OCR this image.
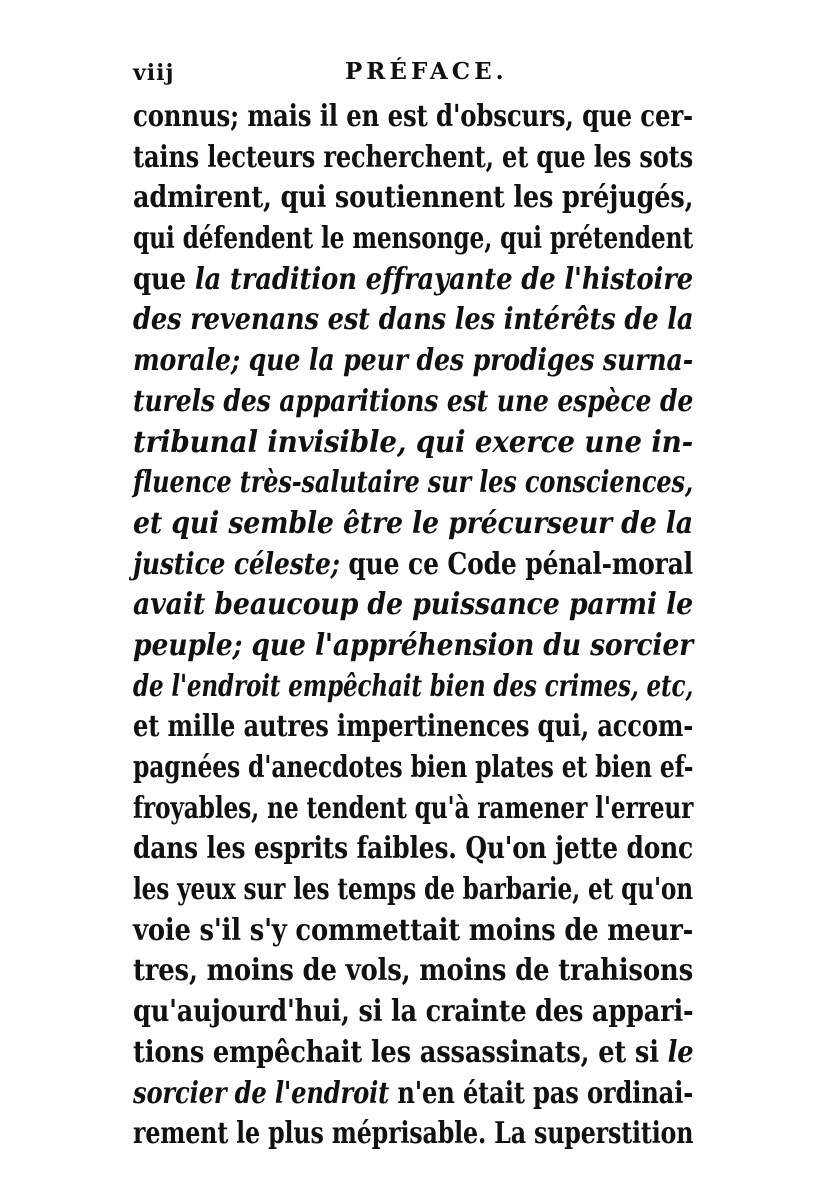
viij	PRÉFACE.
connus; mais il en est d'obscurs, que cer-
tains lecteurs recherchent, et que les sots
admirent, qui soutiennent les préjugés,
qui défendent le mensonge, qui prétendent
que la tradition effrayante de l'histoire
des revenans est dans les intérêts de la
morale; que la peur des prodiges surna-
turels des apparitions est une espèce de
tribunal invisible, qui exerce une in-
fluence très-salutaire sur les consciences,
et qui semble être le précurseur de la
justice céleste; que ce Code pénal-moral
avait beaucoup de puissance parmi le
peuple; que l'appréhension du sorcier
de l'endroit empêchait bien des crimes, etc,
et mille autres impertinences qui, accom-
pagnées d'anecdotes bien plates et bien ef-
froyables, ne tendent qu'à ramener l'erreur
dans les esprits faibles. Qu'on jette donc
les yeux sur les temps de barbarie, et qu'on
voie s'il s'y commettait moins de meur-
tres, moins de vols, moins de trahisons
qu'aujourd'hui, si la crainte des appari-
tions empêchait les assassinats, et si le
sorcier de l'endroit n'en était pas ordinai-
rement le plus méprisable. La superstition
